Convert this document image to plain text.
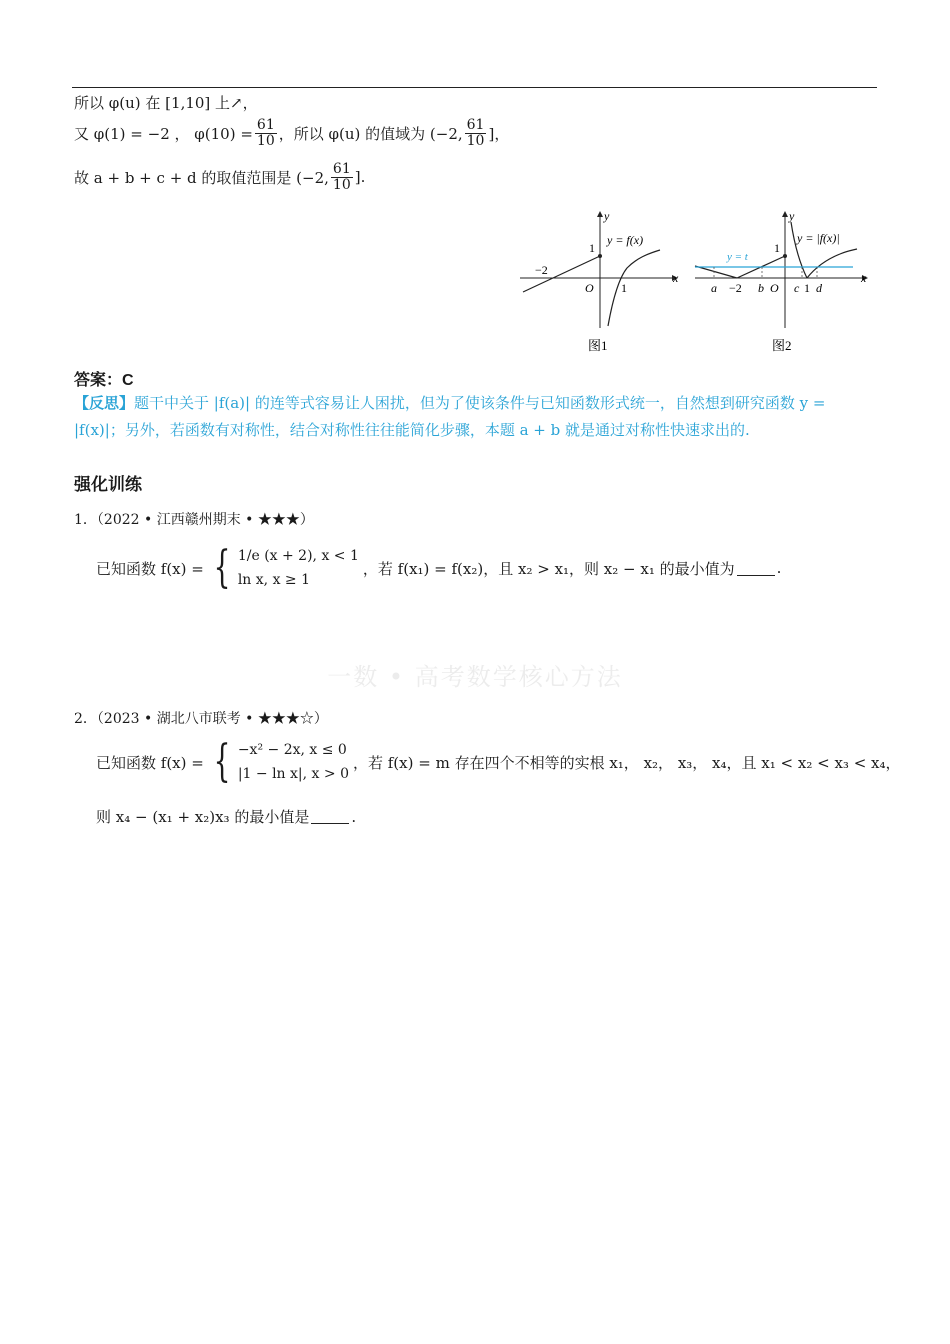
所以 φ(u) 在 [1,10] 上↗，
又 φ(1) = −2 ， $\varphi(10) = \frac{61}{10}$ ，所以 φ(u) 的值域为 (−2, $\frac{61}{10}$ ]，
故 a + b + c + d 的取值范围是 (−2, $\frac{61}{10}$ ].
y
x
O
−2
1
1
y = f(x)
图1
y
x
1
y = |f(x)|
y = t
a −2 b O c 1 d
图2
答案：C
【反思】题干中关于 |f(a)| 的连等式容易让人困扰，但为了使该条件与已知函数形式统一，自然想到研究函数 y = |f(x)|；另外，若函数有对称性，结合对称性往往能简化步骤，本题 a + b 就是通过对称性快速求出的.
强化训练
1．（2022 • 江西赣州期末 • ★★★）
已知函数 f(x) = { 1/e (x + 2), x < 1
ln x, x ≥ 1
，若 f(x₁) = f(x₂)，且 x₂ > x₁，则 x₂ − x₁ 的最小值为	.
一数 • 高考数学核心方法
2．（2023 • 湖北八市联考 • ★★★☆）
已知函数 f(x) = { −x² − 2x, x ≤ 0
|1 − ln x|, x > 0
，若 f(x) = m 存在四个不相等的实根 x₁， x₂， x₃， x₄，且 x₁ < x₂ < x₃ < x₄，
则 x₄ − (x₁ + x₂)x₃ 的最小值是	.
